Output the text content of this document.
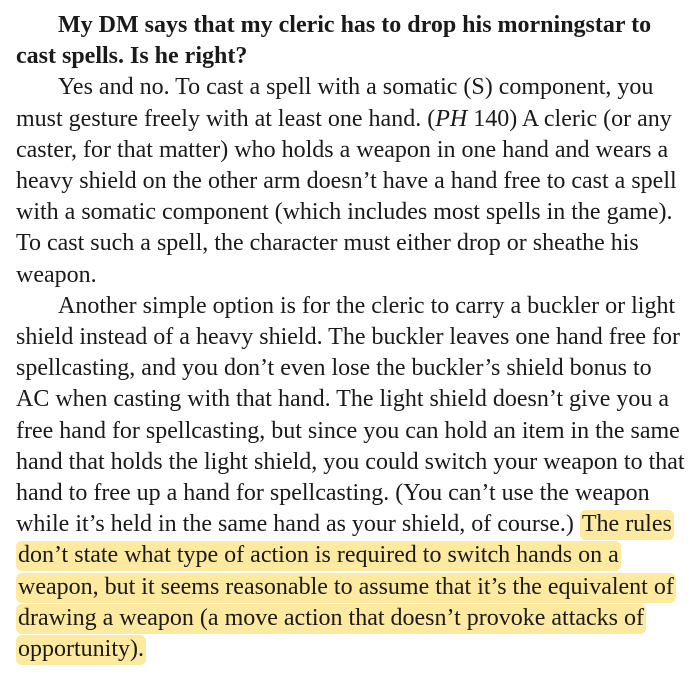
My DM says that my cleric has to drop his morningstar to cast spells. Is he right?

Yes and no. To cast a spell with a somatic (S) component, you must gesture freely with at least one hand. (PH 140) A cleric (or any caster, for that matter) who holds a weapon in one hand and wears a heavy shield on the other arm doesn’t have a hand free to cast a spell with a somatic component (which includes most spells in the game). To cast such a spell, the character must either drop or sheathe his weapon.

Another simple option is for the cleric to carry a buckler or light shield instead of a heavy shield. The buckler leaves one hand free for spellcasting, and you don’t even lose the buckler’s shield bonus to AC when casting with that hand. The light shield doesn’t give you a free hand for spellcasting, but since you can hold an item in the same hand that holds the light shield, you could switch your weapon to that hand to free up a hand for spellcasting. (You can’t use the weapon while it’s held in the same hand as your shield, of course.) The rules don’t state what type of action is required to switch hands on a weapon, but it seems reasonable to assume that it’s the equivalent of drawing a weapon (a move action that doesn’t provoke attacks of opportunity).
